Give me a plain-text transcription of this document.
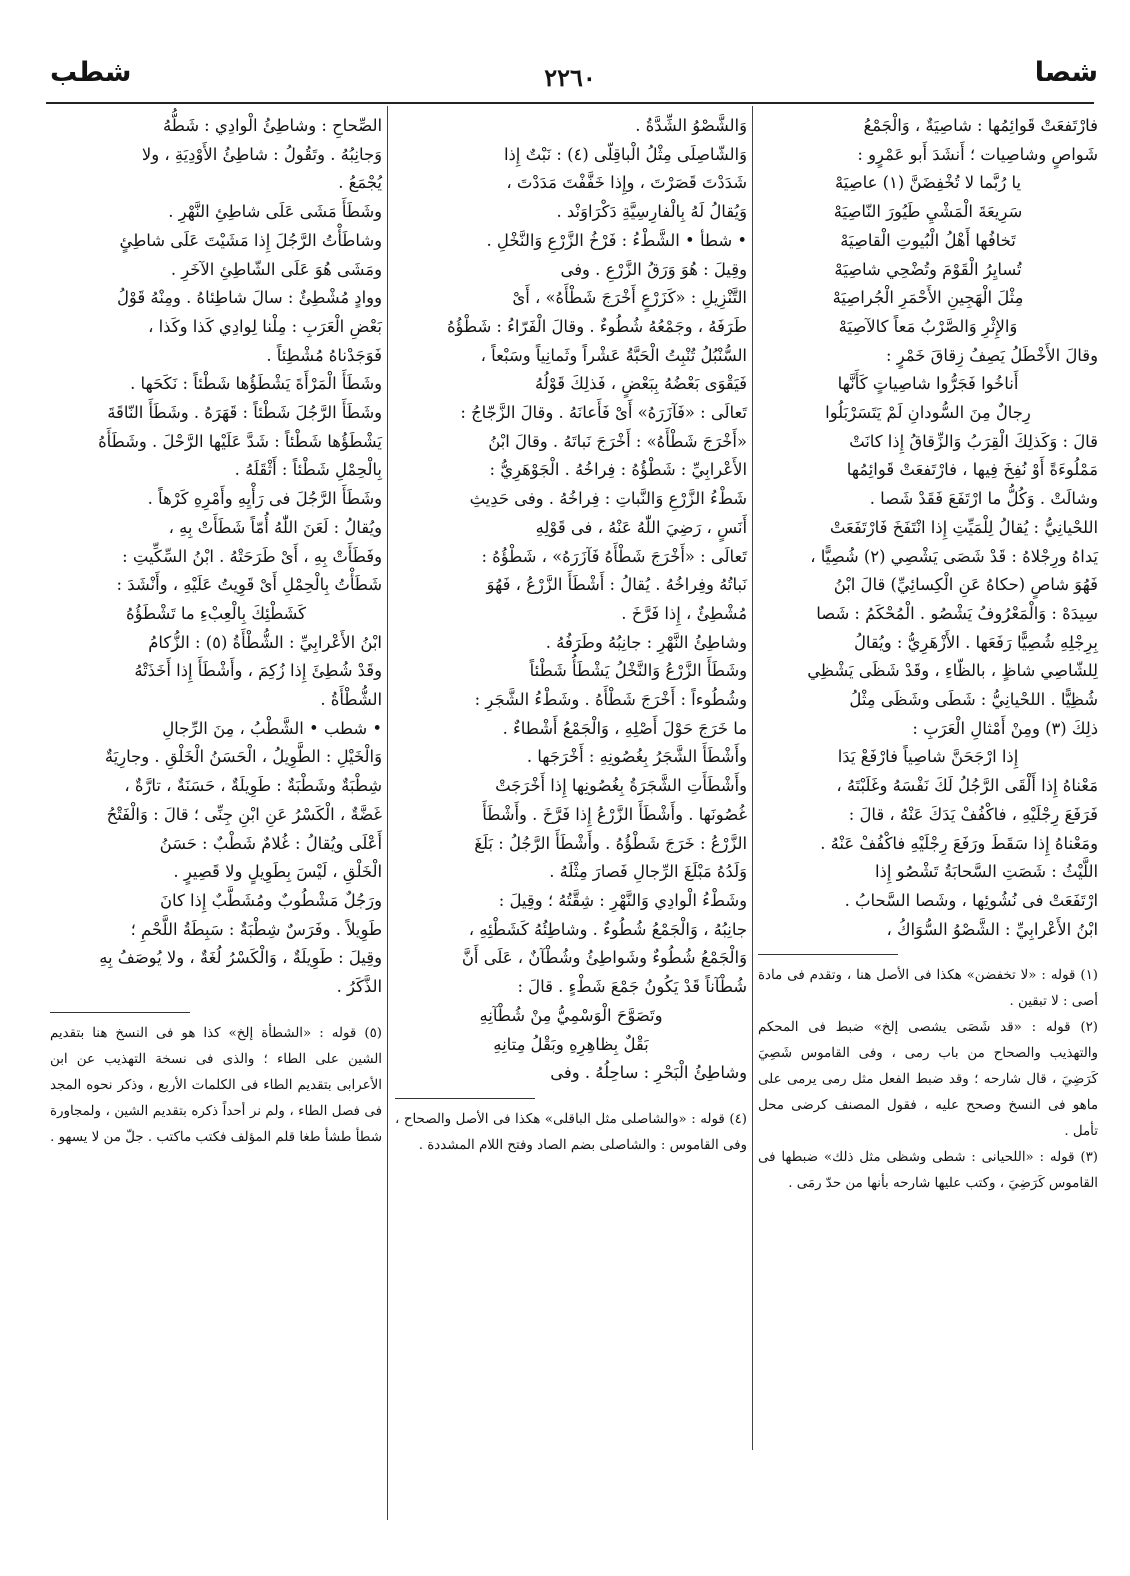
شصا
٢٢٦٠
شطب

فارْتَفعَتْ قَوائِمُها : شاصِيَةٌ ، وَالْجَمْعُ

شَواصٍ وشاصِيات ؛ أَنشَدَ أَبو عَمْرٍو :

يا رُبَّما لا تُخْفِضَنَّ (١) عاصِيَهْ

سَرِيعَةَ الْمَشْيِ طَيُورَ النّاصِيَهْ

تَخافُها أَهْلُ الْبُيوتِ الْقاصِيَهْ

تُسايِرُ الْقَوْمَ وتُضْحِي شاصِيَهْ

مِثْلَ الْهَجِينِ الأَحْمَرِ الْجُراصِيَهْ

وَالإِثْرِ وَالصَّرْبُ مَعاً كالآصِيَهْ

وقالَ الأَخْطَلُ يَصِفُ زِقاقَ خَمْرٍ :

أَناخُوا فَجَرُّوا شاصِياتٍ كَأَنَّها

رِجالٌ مِنَ السُّودانِ لَمْ يَتَسَرْبَلُوا

قالَ : وَكَذلِكَ الْقِرَبُ وَالزِّقاقُ إِذا كانَتْ

مَمْلُوءَةً أَوْ نُفِخَ فِيها ، فارْتَفعَتْ قَوائِمُها

وشالَتْ . وَكُلُّ ما ارْتَفَعَ فَقَدْ شَصا .

اللحْيانِيُّ : يُقالُ لِلْمَيِّتِ إِذا انْتَفَخَ فَارْتَفَعَتْ

يَداهُ ورِجْلاهُ : قَدْ شَصَى يَشْصِي (٢) شُصِيًّا ،

فَهُوَ شاصٍ (حكاهُ عَنِ الْكِسائِيِّ) قالَ ابْنُ

سِيدَهْ : وَالْمَعْرُوفُ يَشْصُو . الْمُحْكَمُ : شَصا

بِرِجْلِهِ شُصِيًّا رَفَعَها . الأَزْهَرِيُّ : ويُقالُ

لِلشّاصِي شاظٍ ، بالظّاءِ ، وقَدْ شَظَى يَشْظِي

شُظِيًّا . اللحْيانِيُّ : شَطَى وشَظَى مِثْلُ

ذلِكَ (٣) ومِنْ أَمْثالِ الْعَرَبِ :

إِذا ارْجَحَنَّ شاصِياً فارْفَعْ يَدَا

مَعْناهُ إِذا أَلْقَى الرَّجُلُ لَكَ نَفْسَهُ وغَلَبْتَهُ ،

فَرَفَعَ رِجْلَيْهِ ، فاكْفُفْ يَدَكَ عَنْهُ ، قالَ :

ومَعْناهُ إِذا سَقَطَ ورَفَعَ رِجْلَيْهِ فاكْفُفْ عَنْهُ .

اللَّيْثُ : شَصَتِ السَّحابَةُ تَشْصُو إِذا

ارْتَفَعَتْ فى نُشُوئِها ، وشَصا السَّحابُ .

ابْنُ الأَعْرابِيِّ : الشَّصْوُ السُّوَاكُ ،

(١) قوله : «لا تخفضن» هكذا فى الأصل هنا ، وتقدم فى مادة أصى : لا تبقين .

(٢) قوله : «قد شَصَى يشصى إلخ» ضبط فى المحكم والتهذيب والصحاح من باب رمى ، وفى القاموس شَصِيَ كَرَضِيَ ، قال شارحه ؛ وقد ضبط الفعل مثل رمى يرمى على ماهو فى النسخ وصحح عليه ، فقول المصنف كرضى محل تأمل .

(٣) قوله : «اللحيانى : شطى وشظى مثل ذلك» ضبطها فى القاموس كَرَضِيَ ، وكتب عليها شارحه بأنها من حدّ رمَى .

وَالشَّصْوُ الشِّدَّةُ .

وَالشّاصِلَى مِثْلُ الْباقِلّى (٤) : نَبْتٌ إِذا

شَدَدْتَ قَصَرْتَ ، وإِذا خَفَّفْتَ مَدَدْتَ ،

وَيُقالُ لَهُ بِالْفارِسِيَّةِ دَكْرَاوَنْد .

• شطأ • الشَّطْءُ : فَرْخُ الزَّرْعِ وَالنَّخْلِ .

وقِيلَ : هُوَ وَرَقُ الزَّرْعِ . وفى

التَّنْزِيلِ : «كَزَرْعٍ أَخْرَجَ شَطْأَهُ» ، أَىْ

طَرَفَهُ ، وجَمْعُهُ شُطُوءٌ . وقالَ الْفَرّاءُ : شَطْؤُهُ

السُّنْبُلُ تُنْبِتُ الْحَبَّةُ عَشْراً وثَمانِياً وسَبْعاً ،

فَيَقْوَى بَعْضُهُ بِبَعْضٍ ، فَذلِكَ قَوْلُهُ

تَعالَى : «فَآزَرَهُ» أَىْ فَأَعانَهُ . وقالَ الزَّجّاجُ :

«أَخْرَجَ شَطْأَهُ» : أَخْرَجَ نَباتَهُ . وقالَ ابْنُ

الأَعْرابِيِّ : شَطْؤُهُ : فِراخُهُ . الْجَوْهَرِيُّ :

شَطْءُ الزَّرْعِ وَالنَّباتِ : فِراخُهُ . وفى حَدِيثِ

أَنَسٍ ، رَضِيَ اللّٰهُ عَنْهُ ، فى قَوْلِهِ

تَعالَى : «أَخْرَجَ شَطْأَهُ فَآزَرَهُ» ، شَطْؤُهُ :

نَباتُهُ وفِراخُهُ . يُقالُ : أَشْطَأَ الزَّرْعُ ، فَهُوَ

مُشْطِئٌ ، إِذا فَرَّخَ .

وشاطِئُ النَّهْرِ : جانِبُهُ وطَرَفُهُ .

وشَطَأَ الزَّرْعُ وَالنَّخْلُ يَشْطَأُ شَطْئاً

وشُطُوءاً : أَخْرَجَ شَطْأَهُ . وشَطْءُ الشَّجَرِ :

ما خَرَجَ حَوْلَ أَصْلِهِ ، وَالْجَمْعُ أَشْطاءٌ .

وأَشْطَأَ الشَّجَرُ بِغُصُونِهِ : أَخْرَجَها .

وأَشْطَأَتِ الشَّجَرَةُ بِغُصُونِها إِذا أَخْرَجَتْ

غُصُونَها . وأَشْطَأَ الزَّرْعُ إِذا فَرَّخَ . وأَشْطَأَ

الزَّرْعُ : خَرَجَ شَطْؤُهُ . وأَشْطَأَ الرَّجُلُ : بَلَغَ

وَلَدُهُ مَبْلَغَ الرِّجالِ فَصارَ مِثْلَهُ .

وشَطْءُ الْوادِي وَالنَّهْرِ : شِقَّتُهُ ؛ وقِيلَ :

جانِبُهُ ، وَالْجَمْعُ شُطُوءٌ . وشاطِئُهُ كَشَطْئِهِ ،

وَالْجَمْعُ شُطُوءٌ وشَواطِئُ وشُطْآنٌ ، عَلَى أَنَّ

شُطْآناً قَدْ يَكُونُ جَمْعَ شَطْءٍ . قالَ :

وتَصَوَّحَ الْوَسْمِيُّ مِنْ شُطْآنِهِ

بَقْلٌ بِظاهِرِهِ وبَقْلُ مِتانِهِ

وشاطِئُ الْبَحْرِ : ساحِلُهُ . وفى

(٤) قوله : «والشاصلى مثل الباقلى» هكذا فى الأصل والصحاح ، وفى القاموس : والشاصلى بضم الصاد وفتح اللام المشددة .

الصِّحاحِ : وشاطِئُ الْوادِي : شَطُّهُ

وَجانِبُهُ . وتَقُولُ : شاطِئُ الأَوْدِيَةِ ، ولا

يُجْمَعُ .

وشَطَأَ مَشَى عَلَى شاطِئِ النَّهْرِ .

وشاطَأْتُ الرَّجُلَ إِذا مَشَيْتَ عَلَى شاطِئٍ

ومَشَى هُوَ عَلَى الشّاطِئِ الآخَرِ .

ووادٍ مُشْطِئٌ : سالَ شاطِئاهُ . ومِنْهُ قَوْلُ

بَعْضِ الْعَرَبِ : مِلْنا لِوادِي كَذا وكَذا ،

فَوَجَدْناهُ مُشْطِئاً .

وشَطَأَ الْمَرْأَةَ يَشْطَؤُها شَطْئاً : نَكَحَها .

وشَطَأَ الرَّجُلَ شَطْئاً : قَهَرَهُ . وشَطَأَ النّاقَةَ

يَشْطَؤُها شَطْئاً : شَدَّ عَلَيْها الرَّحْلَ . وشَطَأَهُ

بِالْحِمْلِ شَطْئاً : أَثْقَلَهُ .

وشَطَأَ الرَّجُلَ فى رَأْيِهِ وأَمْرِهِ كَرْهاً .

ويُقالُ : لَعَنَ اللّٰهُ أُمّاً شَطَأَتْ بِهِ ،

وفَطَأَتْ بِهِ ، أَىْ طَرَحَتْهُ . ابْنُ السِّكِّيتِ :

شَطَأْتُ بِالْحِمْلِ أَىْ قَوِيتُ عَلَيْهِ ، وأَنْشَدَ :

كَشَطْئِكَ بِالْعِبْءِ ما تَشْطَؤُهُ

ابْنُ الأَعْرابِيِّ : الشُّطْأَةُ (٥) : الزُّكامُ

وقَدْ شُطِئَ إِذا زُكِمَ ، وأَشْطَأَ إِذا أَخَذَتْهُ

الشُّطْأَةُ .

• شطب • الشَّطْبُ ، مِنَ الرِّجالِ

وَالْخَيْلِ : الطَّوِيلُ ، الْحَسَنُ الْخَلْقِ . وجارِيَةٌ

شِطْبَةٌ وشَطْبَةٌ : طَوِيلَةٌ ، حَسَنَةٌ ، تارَّةٌ ،

غَضَّةٌ ، الْكَسْرُ عَنِ ابْنِ جِنِّى ؛ قالَ : وَالْفَتْحُ

أَعْلَى ويُقالُ : غُلامٌ شَطْبٌ : حَسَنُ

الْخَلْقِ ، لَيْسَ بِطَوِيلٍ ولا قَصِيرٍ .

ورَجُلٌ مَشْطُوبٌ ومُشَطَّبٌ إِذا كانَ

طَوِيلاً . وفَرَسٌ شِطْبَةٌ : سَبِطَةُ اللَّحْمِ ؛

وقِيلَ : طَوِيلَةٌ ، وَالْكَسْرُ لُغَةٌ ، ولا يُوصَفُ بِهِ

الذَّكَرُ .

(٥) قوله : «الشطأة إلخ» كذا هو فى النسخ هنا بتقديم الشين على الطاء ؛ والذى فى نسخة التهذيب عن ابن الأعرابى بتقديم الطاء فى الكلمات الأربع ، وذكر نحوه المجد فى فصل الطاء ، ولم نر أحداً ذكره بتقديم الشين ، ولمجاورة شطأ طشأ طغا قلم المؤلف فكتب ماكتب . جلّ من لا يسهو .
